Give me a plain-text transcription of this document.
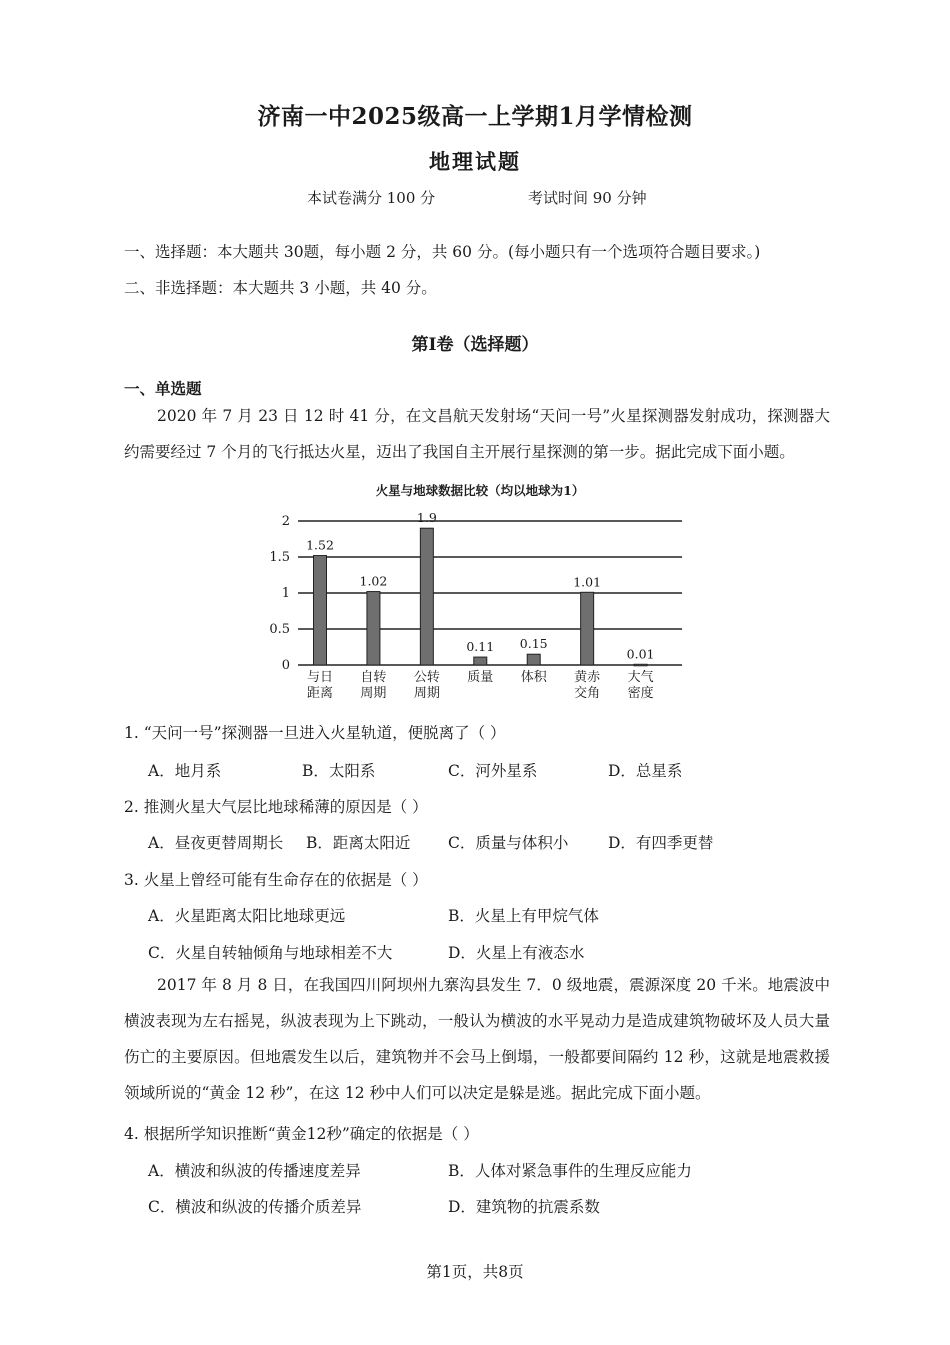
济南一中2025级高一上学期1月学情检测
地理试题
本试卷满分 100 分	考试时间 90 分钟
一、选择题：本大题共 30题，每小题 2 分，共 60 分。(每小题只有一个选项符合题目要求。)
二、非选择题：本大题共 3 小题，共 40 分。
第Ⅰ卷（选择题）
一、单选题
2020 年 7 月 23 日 12 时 41 分，在文昌航天发射场“天问一号”火星探测器发射成功，探测器大约需要经过 7 个月的飞行抵达火星，迈出了我国自主开展行星探测的第一步。据此完成下面小题。
火星与地球数据比较（均以地球为1）
0
0.5
1
1.5
2
1.52
1.02
1.9
0.11 0.15
1.01
0.01
与日
距离
自转
周期
公转
周期
质量 体积 黄赤
交角
大气
密度
1. “天问一号”探测器一旦进入火星轨道，便脱离了（ ）
A．地月系	B．太阳系	C．河外星系	D．总星系
2. 推测火星大气层比地球稀薄的原因是（ ）
A．昼夜更替周期长 B．距离太阳近 C．质量与体积小	D．有四季更替
3. 火星上曾经可能有生命存在的依据是（ ）
A．火星距离太阳比地球更远	B．火星上有甲烷气体
C．火星自转轴倾角与地球相差不大	D．火星上有液态水
2017 年 8 月 8 日，在我国四川阿坝州九寨沟县发生 7．0 级地震，震源深度 20 千米。地震波中横波表现为左右摇晃，纵波表现为上下跳动，一般认为横波的水平晃动力是造成建筑物破坏及人员大量伤亡的主要原因。但地震发生以后，建筑物并不会马上倒塌，一般都要间隔约 12 秒，这就是地震救援领域所说的“黄金 12 秒”，在这 12 秒中人们可以决定是躲是逃。据此完成下面小题。
4. 根据所学知识推断“黄金12秒”确定的依据是（ ）
A．横波和纵波的传播速度差异	B．人体对紧急事件的生理反应能力
C．横波和纵波的传播介质差异	D．建筑物的抗震系数
第1页，共8页
